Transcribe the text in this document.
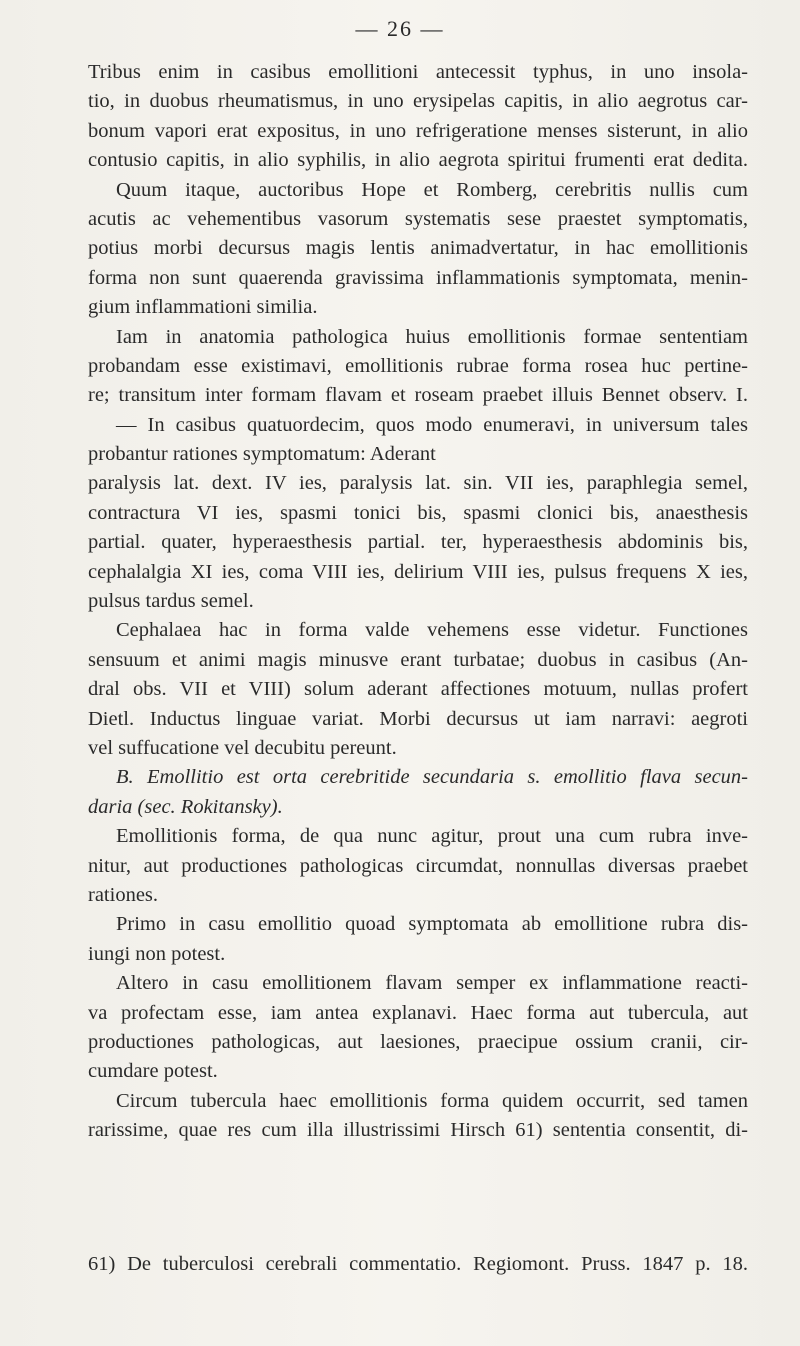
— 26 —
Tribus enim in casibus emollitioni antecessit typhus, in uno insola-
tio, in duobus rheumatismus, in uno erysipelas capitis, in alio aegrotus car-
bonum vapori erat expositus, in uno refrigeratione menses sisterunt, in alio
contusio capitis, in alio syphilis, in alio aegrota spiritui frumenti erat dedita.
Quum itaque, auctoribus Hope et Romberg, cerebritis nullis cum
acutis ac vehementibus vasorum systematis sese praestet symptomatis,
potius morbi decursus magis lentis animadvertatur, in hac emollitionis
forma non sunt quaerenda gravissima inflammationis symptomata, menin-
gium inflammationi similia.
Iam in anatomia pathologica huius emollitionis formae sententiam
probandam esse existimavi, emollitionis rubrae forma rosea huc pertine-
re; transitum inter formam flavam et roseam praebet illuis Bennet observ. I.
— In casibus quatuordecim, quos modo enumeravi, in universum tales
probantur rationes symptomatum: Aderant
paralysis lat. dext. IV ies, paralysis lat. sin. VII ies, paraphlegia semel,
contractura VI ies, spasmi tonici bis, spasmi clonici bis, anaesthesis
partial. quater, hyperaesthesis partial. ter, hyperaesthesis abdominis bis,
cephalalgia XI ies, coma VIII ies, delirium VIII ies, pulsus frequens X ies,
pulsus tardus semel.
Cephalaea hac in forma valde vehemens esse videtur. Functiones
sensuum et animi magis minusve erant turbatae; duobus in casibus (An-
dral obs. VII et VIII) solum aderant affectiones motuum, nullas profert
Dietl. Inductus linguae variat. Morbi decursus ut iam narravi: aegroti
vel suffucatione vel decubitu pereunt.
B. Emollitio est orta cerebritide secundaria s. emollitio flava secun-
daria (sec. Rokitansky).
Emollitionis forma, de qua nunc agitur, prout una cum rubra inve-
nitur, aut productiones pathologicas circumdat, nonnullas diversas praebet
rationes.
Primo in casu emollitio quoad symptomata ab emollitione rubra dis-
iungi non potest.
Altero in casu emollitionem flavam semper ex inflammatione reacti-
va profectam esse, iam antea explanavi. Haec forma aut tubercula, aut
productiones pathologicas, aut laesiones, praecipue ossium cranii, cir-
cumdare potest.
Circum tubercula haec emollitionis forma quidem occurrit, sed tamen
rarissime, quae res cum illa illustrissimi Hirsch 61) sententia consentit, di-
61) De tuberculosi cerebrali commentatio. Regiomont. Pruss. 1847 p. 18.
